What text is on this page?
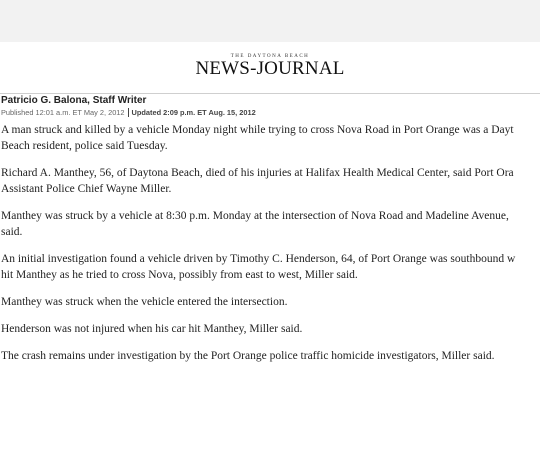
THE DAYTONA BEACH
NEWS-JOURNAL
Patricio G. Balona, Staff Writer
Published 12:01 a.m. ET May 2, 2012 Updated 2:09 p.m. ET Aug. 15, 2012

A man struck and killed by a vehicle Monday night while trying to cross Nova Road in Port Orange was a Dayt
Beach resident, police said Tuesday.

Richard A. Manthey, 56, of Daytona Beach, died of his injuries at Halifax Health Medical Center, said Port Ora
Assistant Police Chief Wayne Miller.

Manthey was struck by a vehicle at 8:30 p.m. Monday at the intersection of Nova Road and Madeline Avenue,
said.

An initial investigation found a vehicle driven by Timothy C. Henderson, 64, of Port Orange was southbound w
hit Manthey as he tried to cross Nova, possibly from east to west, Miller said.

Manthey was struck when the vehicle entered the intersection.

Henderson was not injured when his car hit Manthey, Miller said.

The crash remains under investigation by the Port Orange police traffic homicide investigators, Miller said.
